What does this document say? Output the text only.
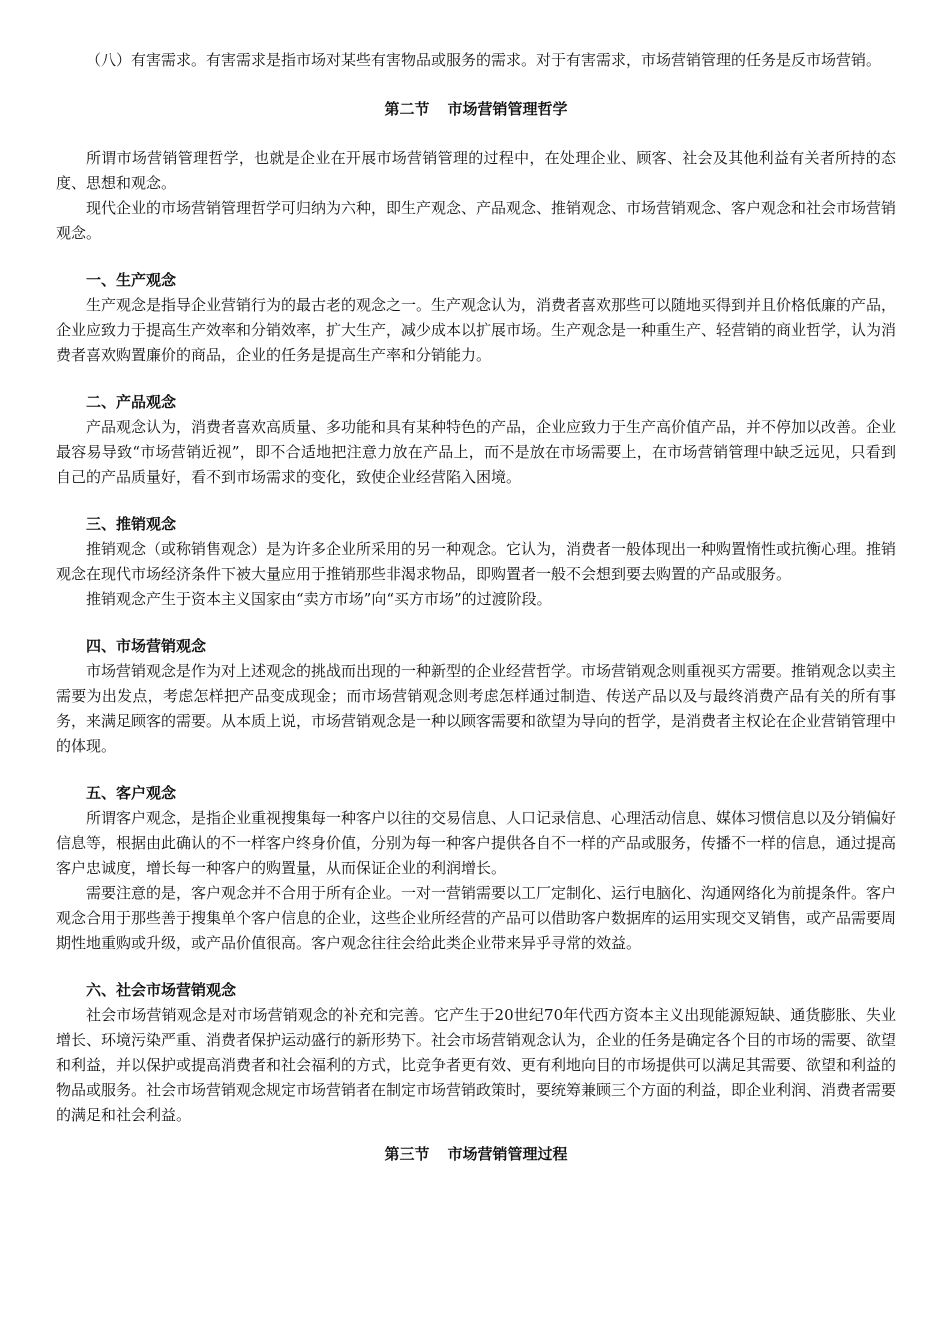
（八）有害需求。有害需求是指市场对某些有害物品或服务的需求。对于有害需求，市场营销管理的任务是反市场营销。

第二节 市场营销管理哲学

所谓市场营销管理哲学，也就是企业在开展市场营销管理的过程中，在处理企业、顾客、社会及其他利益有关者所持的态度、思想和观念。

现代企业的市场营销管理哲学可归纳为六种，即生产观念、产品观念、推销观念、市场营销观念、客户观念和社会市场营销观念。

一、生产观念

生产观念是指导企业营销行为的最古老的观念之一。生产观念认为，消费者喜欢那些可以随地买得到并且价格低廉的产品，企业应致力于提高生产效率和分销效率，扩大生产，减少成本以扩展市场。生产观念是一种重生产、轻营销的商业哲学，认为消费者喜欢购置廉价的商品，企业的任务是提高生产率和分销能力。

二、产品观念

产品观念认为，消费者喜欢高质量、多功能和具有某种特色的产品，企业应致力于生产高价值产品，并不停加以改善。企业最容易导致“市场营销近视”，即不合适地把注意力放在产品上，而不是放在市场需要上，在市场营销管理中缺乏远见，只看到自己的产品质量好，看不到市场需求的变化，致使企业经营陷入困境。

三、推销观念

推销观念（或称销售观念）是为许多企业所采用的另一种观念。它认为，消费者一般体现出一种购置惰性或抗衡心理。推销观念在现代市场经济条件下被大量应用于推销那些非渴求物品，即购置者一般不会想到要去购置的产品或服务。

推销观念产生于资本主义国家由“卖方市场”向“买方市场”的过渡阶段。

四、市场营销观念

市场营销观念是作为对上述观念的挑战而出现的一种新型的企业经营哲学。市场营销观念则重视买方需要。推销观念以卖主需要为出发点，考虑怎样把产品变成现金；而市场营销观念则考虑怎样通过制造、传送产品以及与最终消费产品有关的所有事务，来满足顾客的需要。从本质上说，市场营销观念是一种以顾客需要和欲望为导向的哲学，是消费者主权论在企业营销管理中的体现。

五、客户观念

所谓客户观念，是指企业重视搜集每一种客户以往的交易信息、人口记录信息、心理活动信息、媒体习惯信息以及分销偏好信息等，根据由此确认的不一样客户终身价值，分别为每一种客户提供各自不一样的产品或服务，传播不一样的信息，通过提高客户忠诚度，增长每一种客户的购置量，从而保证企业的利润增长。

需要注意的是，客户观念并不合用于所有企业。一对一营销需要以工厂定制化、运行电脑化、沟通网络化为前提条件。客户观念合用于那些善于搜集单个客户信息的企业，这些企业所经营的产品可以借助客户数据库的运用实现交叉销售，或产品需要周期性地重购或升级，或产品价值很高。客户观念往往会给此类企业带来异乎寻常的效益。

六、社会市场营销观念

社会市场营销观念是对市场营销观念的补充和完善。它产生于20世纪70年代西方资本主义出现能源短缺、通货膨胀、失业增长、环境污染严重、消费者保护运动盛行的新形势下。社会市场营销观念认为，企业的任务是确定各个目的市场的需要、欲望和利益，并以保护或提高消费者和社会福利的方式，比竞争者更有效、更有利地向目的市场提供可以满足其需要、欲望和利益的物品或服务。社会市场营销观念规定市场营销者在制定市场营销政策时，要统筹兼顾三个方面的利益，即企业利润、消费者需要的满足和社会利益。

第三节 市场营销管理过程
